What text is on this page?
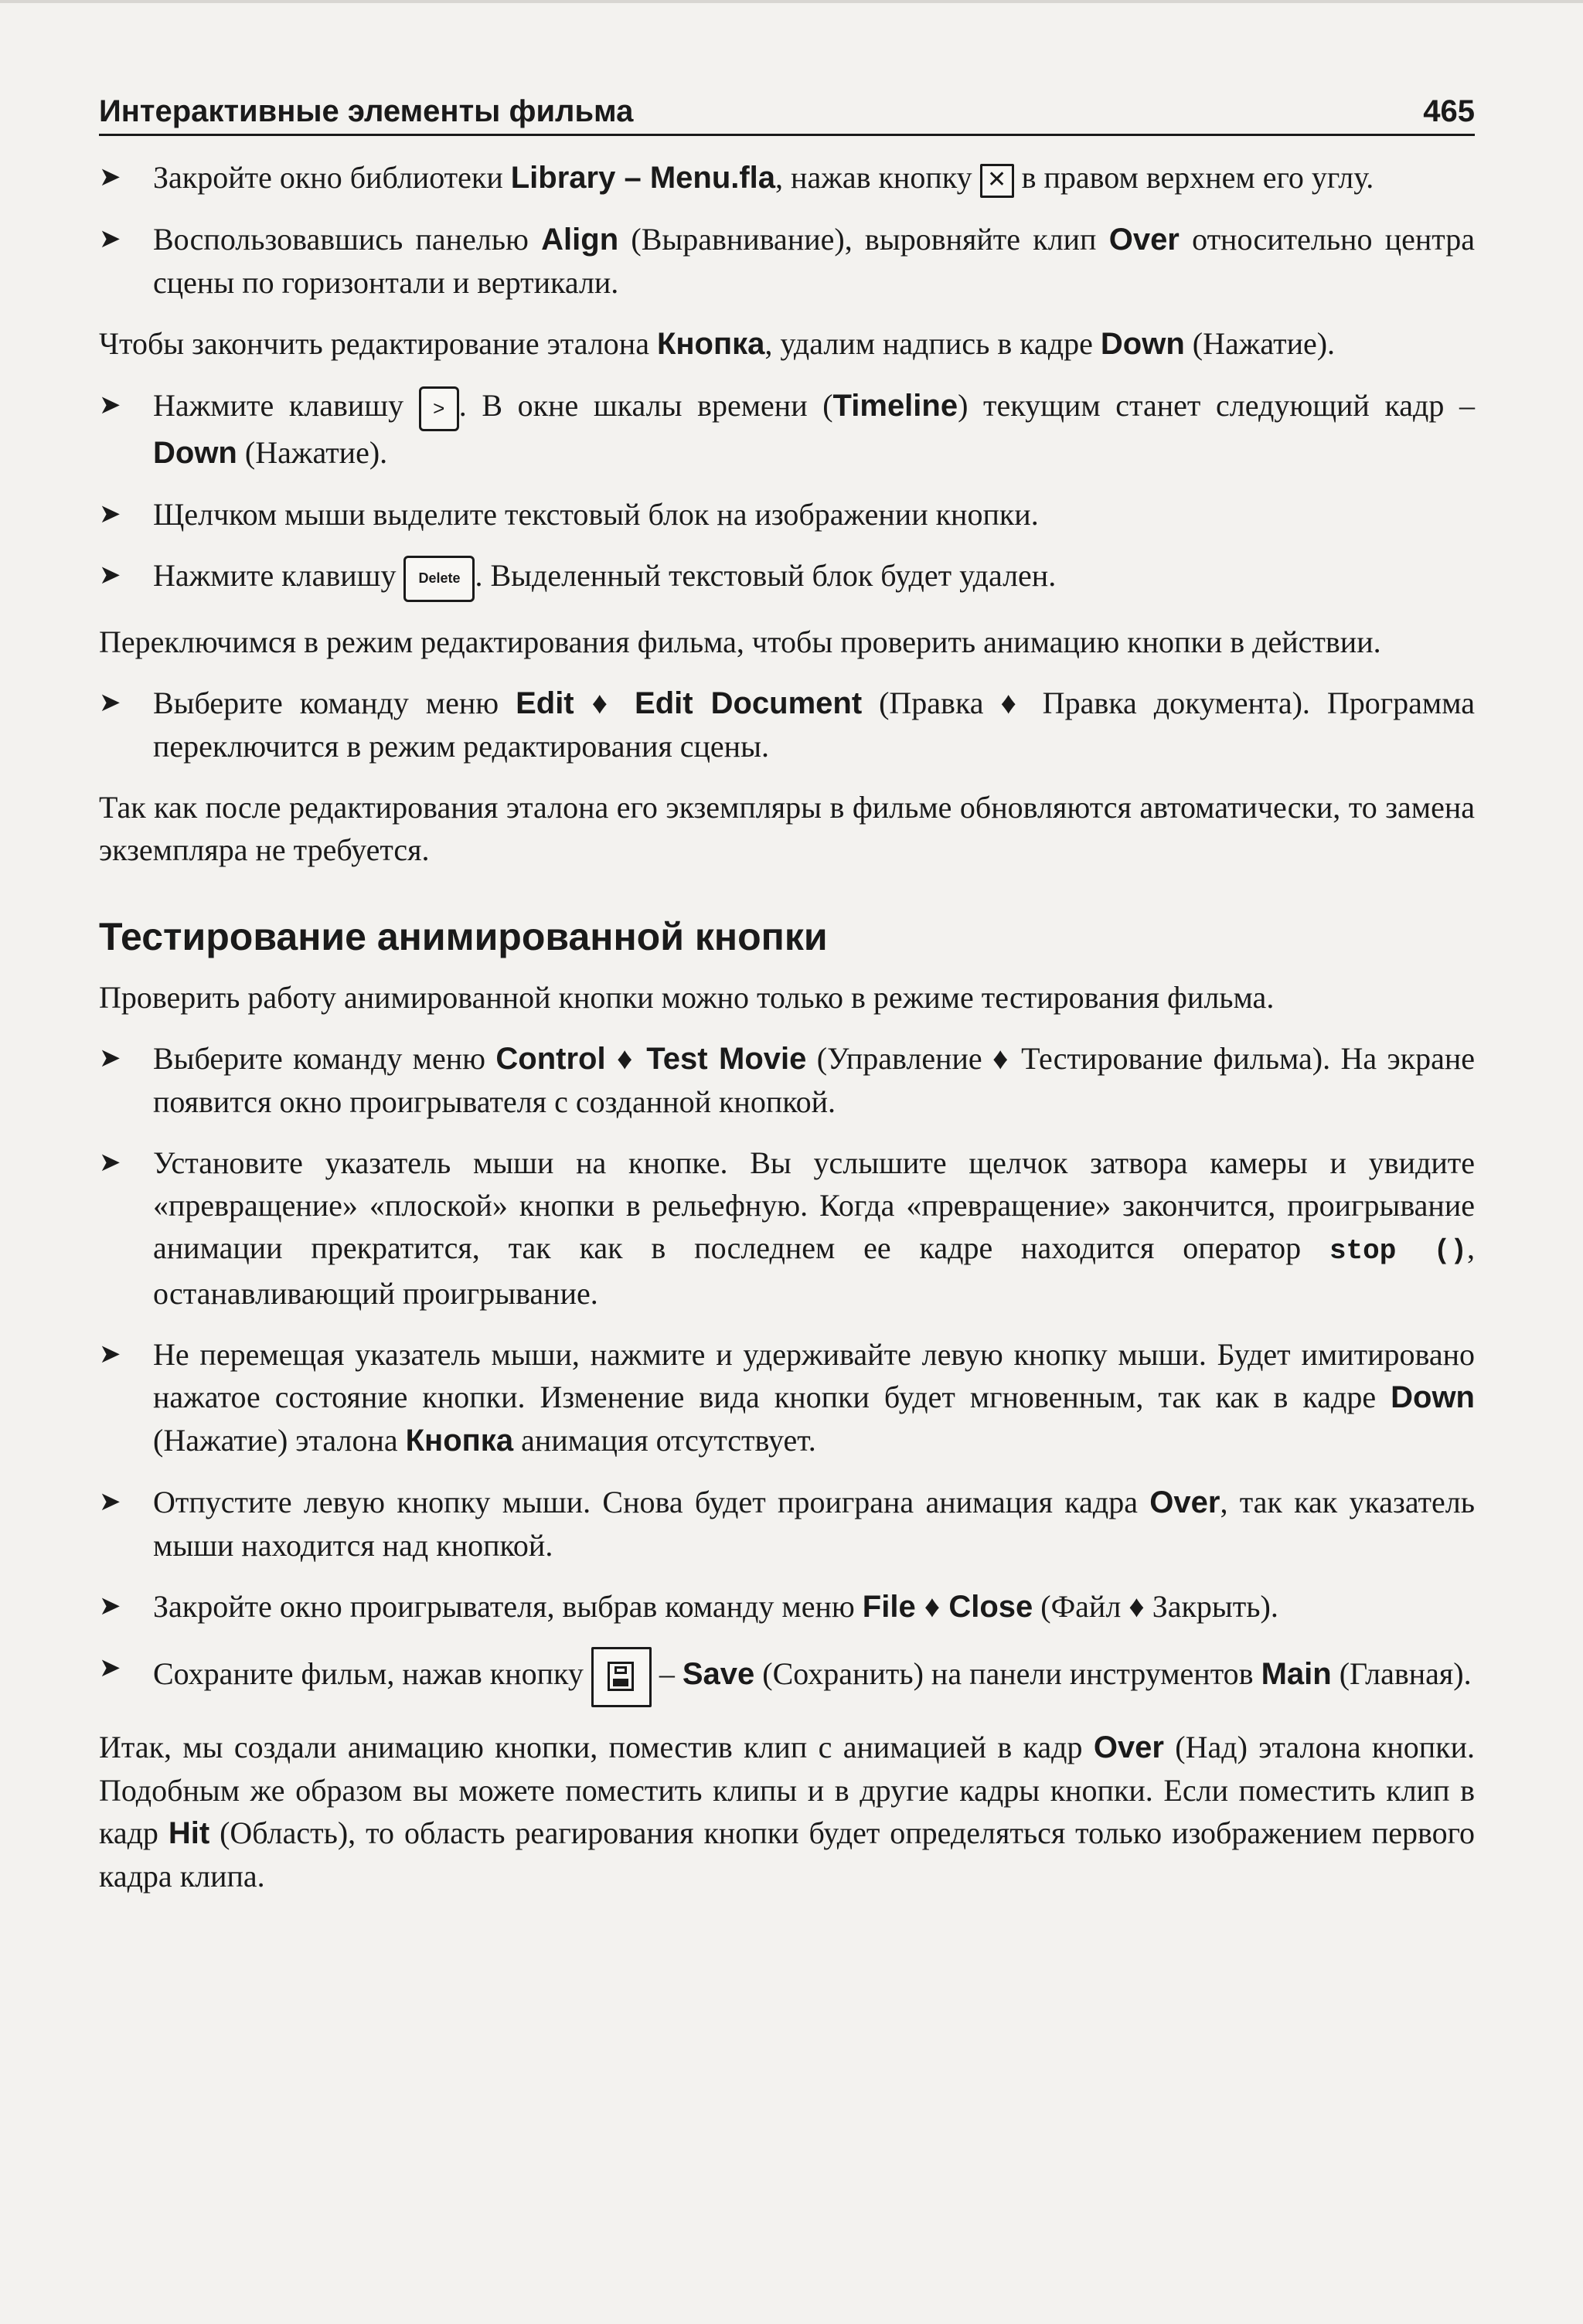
Интерактивные элементы фильма	465
➤	Закройте окно библиотеки Library – Menu.fla, нажав кнопку ✕ в правом верхнем его углу.
➤	Воспользовавшись панелью Align (Выравнивание), выровняйте клип Over относительно центра сцены по горизонтали и вертикали.

Чтобы закончить редактирование эталона Кнопка, удалим надпись в кадре Down (Нажатие).

➤	Нажмите клавишу > . В окне шкалы времени (Timeline) текущим станет следующий кадр – Down (Нажатие).
➤	Щелчком мыши выделите текстовый блок на изображении кнопки.
➤	Нажмите клавишу Delete . Выделенный текстовый блок будет удален.

Переключимся в режим редактирования фильма, чтобы проверить анимацию кнопки в действии.

➤	Выберите команду меню Edit ♦ Edit Document (Правка ♦ Правка документа). Программа переключится в режим редактирования сцены.

Так как после редактирования эталона его экземпляры в фильме обновляются автоматически, то замена экземпляра не требуется.

Тестирование анимированной кнопки

Проверить работу анимированной кнопки можно только в режиме тестирования фильма.

➤	Выберите команду меню Control ♦ Test Movie (Управление ♦ Тестирование фильма). На экране появится окно проигрывателя с созданной кнопкой.
➤	Установите указатель мыши на кнопке. Вы услышите щелчок затвора камеры и увидите «превращение» «плоской» кнопки в рельефную. Когда «превращение» закончится, проигрывание анимации прекратится, так как в последнем ее кадре находится оператор stop (), останавливающий проигрывание.
➤	Не перемещая указатель мыши, нажмите и удерживайте левую кнопку мыши. Будет имитировано нажатое состояние кнопки. Изменение вида кнопки будет мгновенным, так как в кадре Down (Нажатие) эталона Кнопка анимация отсутствует.
➤	Отпустите левую кнопку мыши. Снова будет проиграна анимация кадра Over, так как указатель мыши находится над кнопкой.
➤	Закройте окно проигрывателя, выбрав команду меню File ♦ Close (Файл ♦ Закрыть).
➤	Сохраните фильм, нажав кнопку
– Save (Сохранить) на панели инструментов Main (Главная).

Итак, мы создали анимацию кнопки, поместив клип с анимацией в кадр Over (Над) эталона кнопки. Подобным же образом вы можете поместить клипы и в другие кадры кнопки. Если поместить клип в кадр Hit (Область), то область реагирования кнопки будет определяться только изображением первого кадра клипа.
